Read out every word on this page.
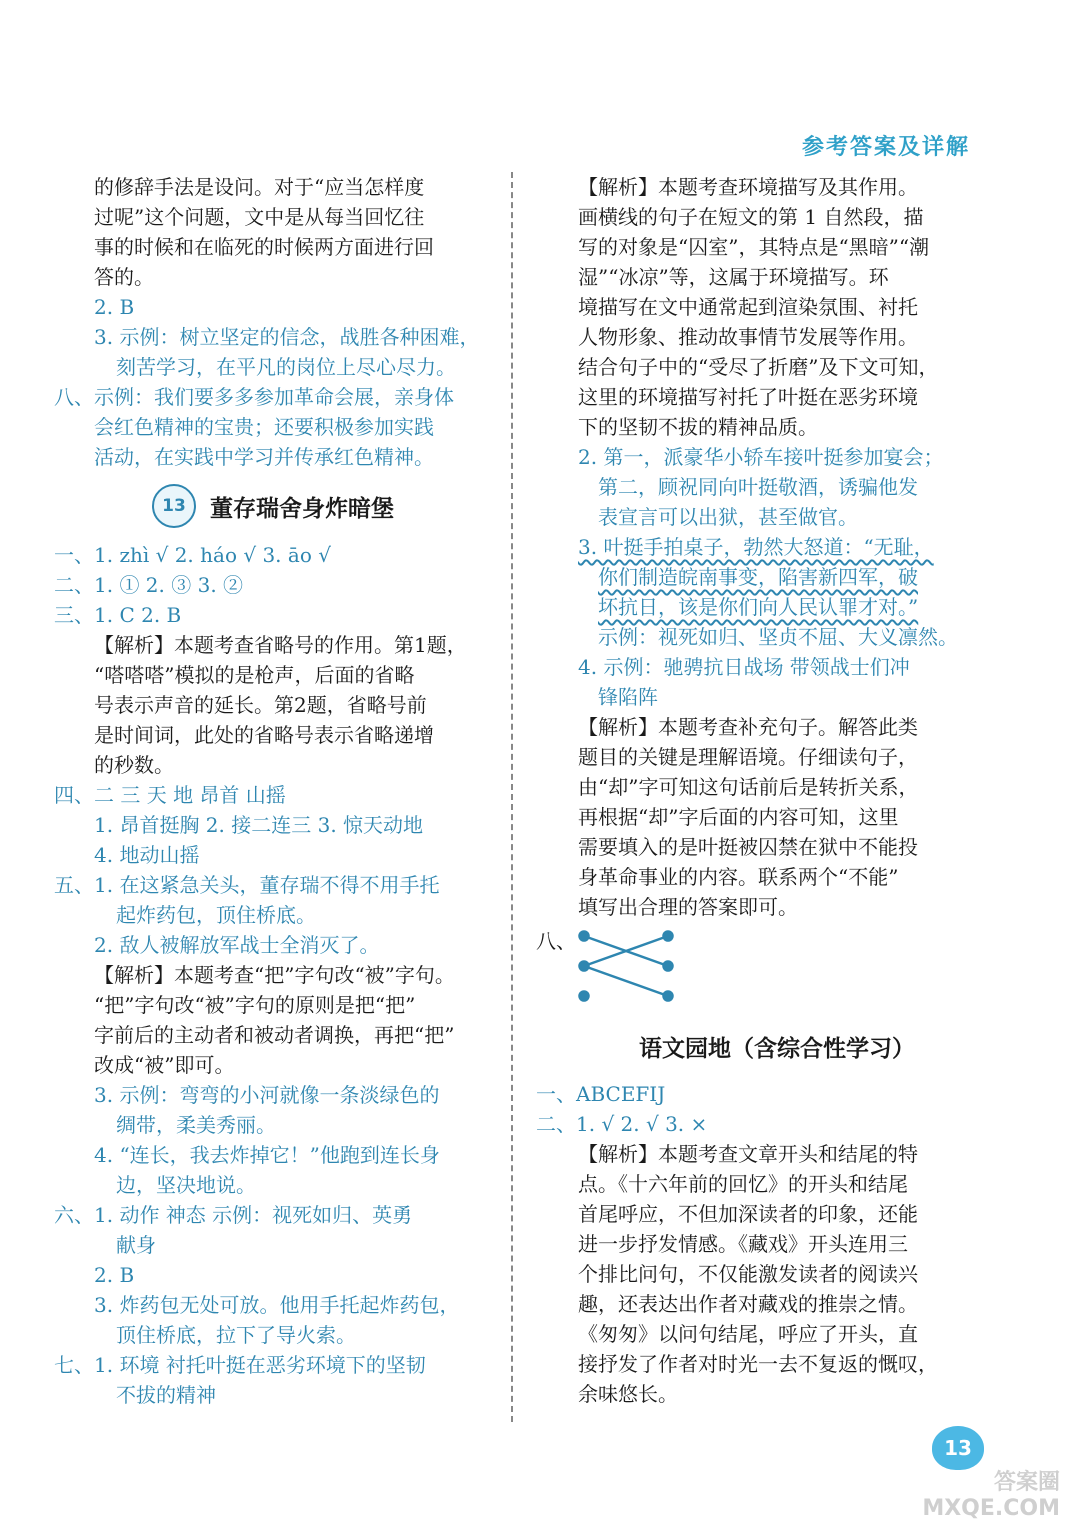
参考答案及详解
的修辞手法是设问。对于“应当怎样度
过呢”这个问题，文中是从每当回忆往
事的时候和在临死的时候两方面进行回
答的。
2. B
3. 示例：树立坚定的信念，战胜各种困难，
刻苦学习，在平凡的岗位上尽心尽力。
八、示例：我们要多多参加革命会展，亲身体
会红色精神的宝贵；还要积极参加实践
活动，在实践中学习并传承红色精神。
13 董存瑞舍身炸暗堡
一、1. zhì √ 2. háo √ 3. āo √
二、1. ① 2. ③ 3. ②
三、1. C 2. B
【解析】本题考查省略号的作用。第1题，
“嗒嗒嗒”模拟的是枪声，后面的省略
号表示声音的延长。第2题，省略号前
是时间词，此处的省略号表示省略递增
的秒数。
四、二 三 天 地 昂首 山摇
1. 昂首挺胸 2. 接二连三 3. 惊天动地
4. 地动山摇
五、1. 在这紧急关头，董存瑞不得不用手托
起炸药包，顶住桥底。
2. 敌人被解放军战士全消灭了。
【解析】本题考查“把”字句改“被”字句。
“把”字句改“被”字句的原则是把“把”
字前后的主动者和被动者调换，再把“把”
改成“被”即可。
3. 示例：弯弯的小河就像一条淡绿色的
绸带，柔美秀丽。
4. “连长，我去炸掉它！”他跑到连长身
边，坚决地说。
六、1. 动作 神态 示例：视死如归、英勇
献身
2. B
3. 炸药包无处可放。他用手托起炸药包，
顶住桥底，拉下了导火索。
七、1. 环境 衬托叶挺在恶劣环境下的坚韧
不拔的精神
【解析】本题考查环境描写及其作用。
画横线的句子在短文的第 1 自然段，描
写的对象是“囚室”，其特点是“黑暗”“潮
湿”“冰凉”等，这属于环境描写。环
境描写在文中通常起到渲染氛围、衬托
人物形象、推动故事情节发展等作用。
结合句子中的“受尽了折磨”及下文可知，
这里的环境描写衬托了叶挺在恶劣环境
下的坚韧不拔的精神品质。
2. 第一，派豪华小轿车接叶挺参加宴会；
第二，顾祝同向叶挺敬酒，诱骗他发
表宣言可以出狱，甚至做官。
3. 叶挺手拍桌子，勃然大怒道：“无耻，
你们制造皖南事变，陷害新四军，破
坏抗日，该是你们向人民认罪才对。”
示例：视死如归、坚贞不屈、大义凛然。
4. 示例：驰骋抗日战场 带领战士们冲
锋陷阵
【解析】本题考查补充句子。解答此类
题目的关键是理解语境。仔细读句子，
由“却”字可知这句话前后是转折关系，
再根据“却”字后面的内容可知，这里
需要填入的是叶挺被囚禁在狱中不能投
身革命事业的内容。联系两个“不能”
填写出合理的答案即可。
八、
语文园地（含综合性学习）
一、ABCEFIJ
二、1. √ 2. √ 3. ×
【解析】本题考查文章开头和结尾的特
点。《十六年前的回忆》的开头和结尾
首尾呼应，不但加深读者的印象，还能
进一步抒发情感。《藏戏》开头连用三
个排比问句，不仅能激发读者的阅读兴
趣，还表达出作者对藏戏的推崇之情。
《匆匆》以问句结尾，呼应了开头，直
接抒发了作者对时光一去不复返的慨叹，
余味悠长。
13
答案圈 MXQE.COM
